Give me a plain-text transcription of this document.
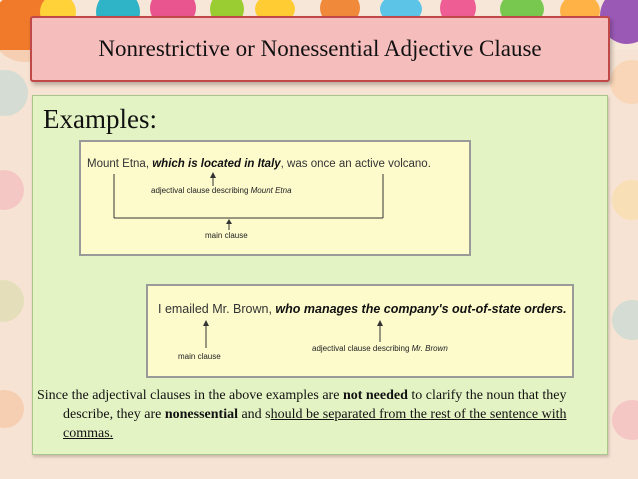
Nonrestrictive or Nonessential Adjective Clause
Examples:
Mount Etna, which is located in Italy, was once an active volcano.
adjectival clause describing Mount Etna
main clause
I emailed Mr. Brown, who manages the company's out-of-state orders.
main clause
adjectival clause describing Mr. Brown
Since the adjectival clauses in the above examples are not needed to clarify the noun that they describe, they are nonessential and should be separated from the rest of the sentence with commas.
